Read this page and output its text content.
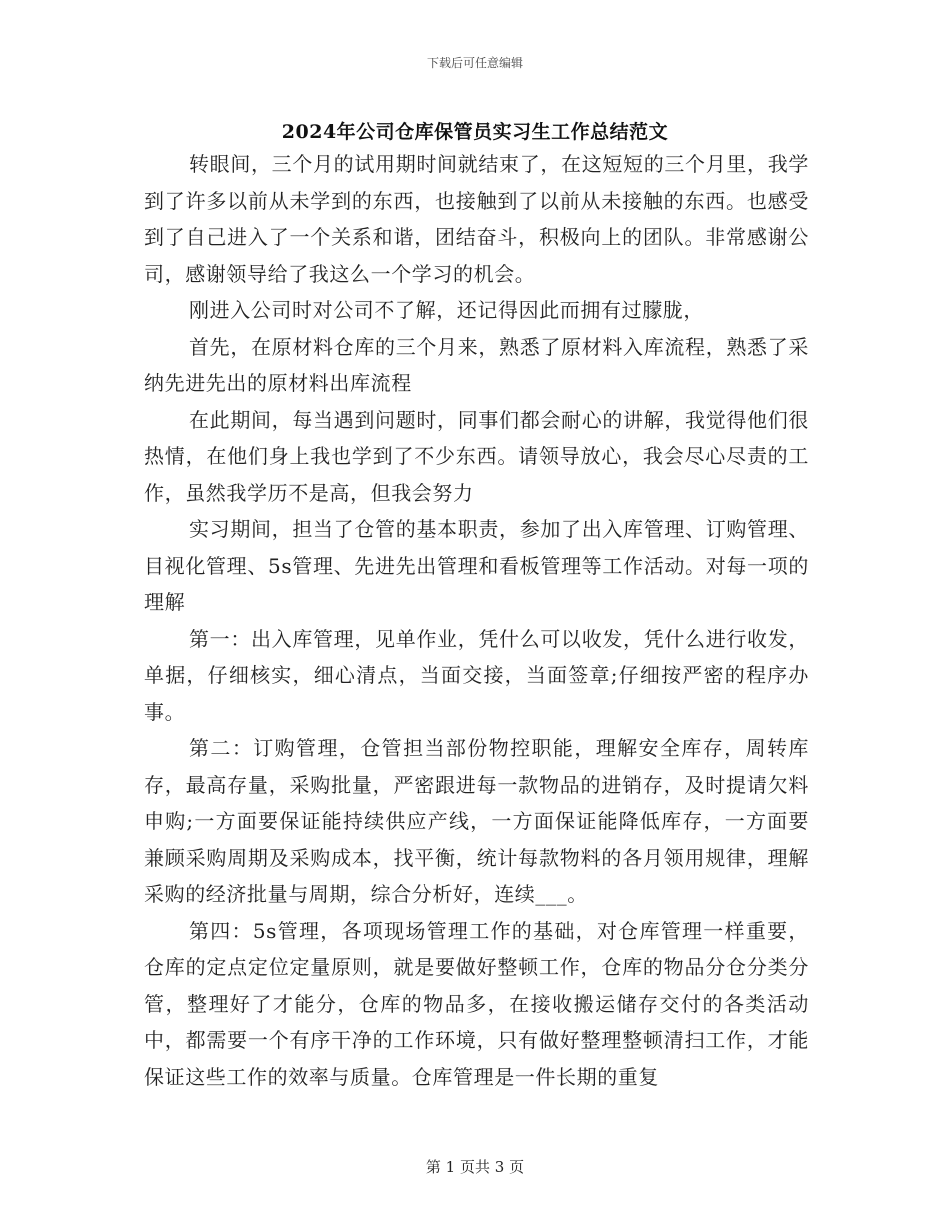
下载后可任意编辑
2024年公司仓库保管员实习生工作总结范文

转眼间，三个月的试用期时间就结束了，在这短短的三个月里，我学到了许多以前从未学到的东西，也接触到了以前从未接触的东西。也感受到了自己进入了一个关系和谐，团结奋斗，积极向上的团队。非常感谢公司，感谢领导给了我这么一个学习的机会。

刚进入公司时对公司不了解，还记得因此而拥有过朦胧，

首先，在原材料仓库的三个月来，熟悉了原材料入库流程，熟悉了采纳先进先出的原材料出库流程

在此期间，每当遇到问题时，同事们都会耐心的讲解，我觉得他们很热情，在他们身上我也学到了不少东西。请领导放心，我会尽心尽责的工作，虽然我学历不是高，但我会努力

实习期间，担当了仓管的基本职责，参加了出入库管理、订购管理、目视化管理、5s管理、先进先出管理和看板管理等工作活动。对每一项的理解

第一：出入库管理，见单作业，凭什么可以收发，凭什么进行收发，单据，仔细核实，细心清点，当面交接，当面签章;仔细按严密的程序办事。

第二：订购管理，仓管担当部份物控职能，理解安全库存，周转库存，最高存量，采购批量，严密跟进每一款物品的进销存，及时提请欠料申购;一方面要保证能持续供应产线，一方面保证能降低库存，一方面要兼顾采购周期及采购成本，找平衡，统计每款物料的各月领用规律，理解采购的经济批量与周期，综合分析好，连续___。

第四：5s管理，各项现场管理工作的基础，对仓库管理一样重要，仓库的定点定位定量原则，就是要做好整顿工作，仓库的物品分仓分类分管，整理好了才能分，仓库的物品多，在接收搬运储存交付的各类活动中，都需要一个有序干净的工作环境，只有做好整理整顿清扫工作，才能保证这些工作的效率与质量。仓库管理是一件长期的重复

第 1 页共 3 页
